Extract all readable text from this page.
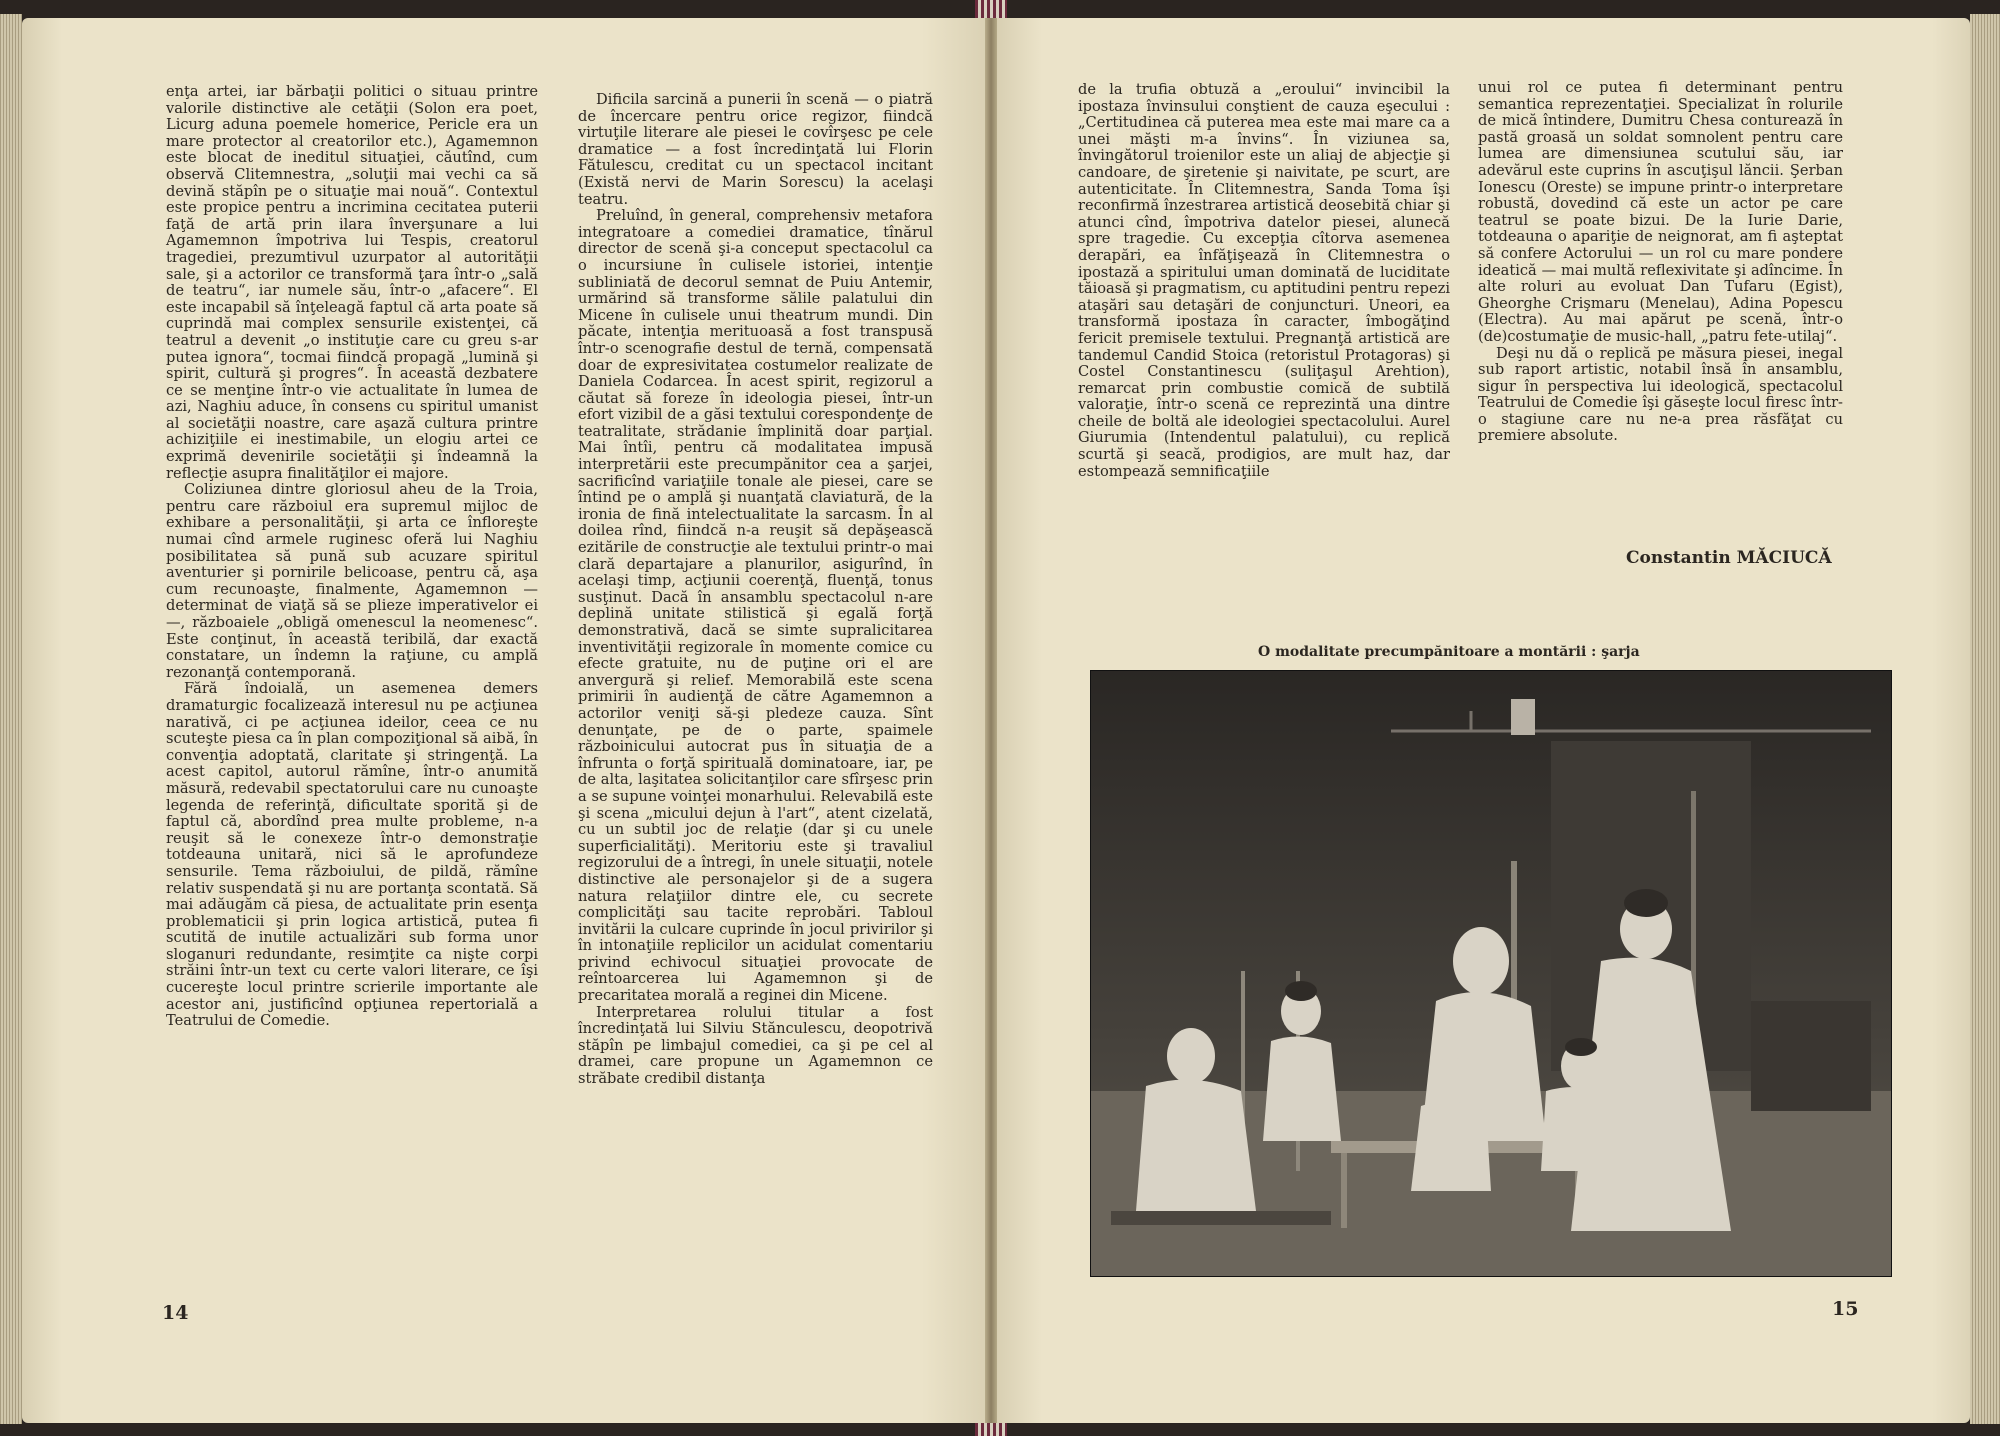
enţa artei, iar bărbaţii politici o situau printre valorile distinctive ale cetăţii (Solon era poet, Licurg aduna poemele homerice, Pericle era un mare protector al creatorilor etc.), Agamemnon este blocat de ineditul situaţiei, căutînd, cum observă Clitemnestra, „soluţii mai vechi ca să devină stăpîn pe o situaţie mai nouă“. Contextul este propice pentru a incrimina cecitatea puterii faţă de artă prin ilara înverşunare a lui Agamemnon împotriva lui Tespis, creatorul tragediei, prezumtivul uzurpator al autorităţii sale, şi a actorilor ce transformă ţara într-o „sală de teatru“, iar numele său, într-o „afacere“. El este incapabil să înţeleagă faptul că arta poate să cuprindă mai complex sensurile existenţei, că teatrul a devenit „o instituţie care cu greu s-ar putea ignora“, tocmai fiindcă propagă „lumină şi spirit, cultură şi progres“. În această dezbatere ce se menţine într-o vie actualitate în lumea de azi, Naghiu aduce, în consens cu spiritul umanist al societăţii noastre, care aşază cultura printre achiziţiile ei inestimabile, un elogiu artei ce exprimă devenirile societăţii şi îndeamnă la reflecţie asupra finalităţilor ei majore.

Coliziunea dintre gloriosul aheu de la Troia, pentru care războiul era supremul mijloc de exhibare a personalităţii, şi arta ce înfloreşte numai cînd armele ruginesc oferă lui Naghiu posibilitatea să pună sub acuzare spiritul aventurier şi pornirile belicoase, pentru că, aşa cum recunoaşte, finalmente, Agamemnon — determinat de viaţă să se plieze imperativelor ei —, războaiele „obligă omenescul la neomenesc“. Este conţinut, în această teribilă, dar exactă constatare, un îndemn la raţiune, cu amplă rezonanţă contemporană.

Fără îndoială, un asemenea demers dramaturgic focalizează interesul nu pe acţiunea narativă, ci pe acţiunea ideilor, ceea ce nu scuteşte piesa ca în plan compoziţional să aibă, în convenţia adoptată, claritate şi stringenţă. La acest capitol, autorul rămîne, într-o anumită măsură, redevabil spectatorului care nu cunoaşte legenda de referinţă, dificultate sporită şi de faptul că, abordînd prea multe probleme, n-a reuşit să le conexeze într-o demonstraţie totdeauna unitară, nici să le aprofundeze sensurile. Tema războiului, de pildă, rămîne relativ suspendată şi nu are portanţa scontată. Să mai adăugăm că piesa, de actualitate prin esenţa problematicii şi prin logica artistică, putea fi scutită de inutile actualizări sub forma unor sloganuri redundante, resimţite ca nişte corpi străini într-un text cu certe valori literare, ce îşi cucereşte locul printre scrierile importante ale acestor ani, justificînd opţiunea repertorială a Teatrului de Comedie.

Dificila sarcină a punerii în scenă — o piatră de încercare pentru orice regizor, fiindcă virtuţile literare ale piesei le covîrşesc pe cele dramatice — a fost încredinţată lui Florin Fătulescu, creditat cu un spectacol incitant (Există nervi de Marin Sorescu) la acelaşi teatru.

Preluînd, în general, comprehensiv metafora integratoare a comediei dramatice, tînărul director de scenă şi-a conceput spectacolul ca o incursiune în culisele istoriei, intenţie subliniată de decorul semnat de Puiu Antemir, urmărind să transforme sălile palatului din Micene în culisele unui theatrum mundi. Din păcate, intenţia merituoasă a fost transpusă într-o scenografie destul de ternă, compensată doar de expresivitatea costumelor realizate de Daniela Codarcea. În acest spirit, regizorul a căutat să foreze în ideologia piesei, într-un efort vizibil de a găsi textului corespondenţe de teatralitate, strădanie împlinită doar parţial. Mai întîi, pentru că modalitatea impusă interpretării este precumpănitor cea a şarjei, sacrificînd variaţiile tonale ale piesei, care se întind pe o amplă şi nuanţată claviatură, de la ironia de fină intelectualitate la sarcasm. În al doilea rînd, fiindcă n-a reuşit să depăşească ezitările de construcţie ale textului printr-o mai clară departajare a planurilor, asigurînd, în acelaşi timp, acţiunii coerenţă, fluenţă, tonus susţinut. Dacă în ansamblu spectacolul n-are deplină unitate stilistică şi egală forţă demonstrativă, dacă se simte supralicitarea inventivităţii regizorale în momente comice cu efecte gratuite, nu de puţine ori el are anvergură şi relief. Memorabilă este scena primirii în audienţă de către Agamemnon a actorilor veniţi să-şi pledeze cauza. Sînt denunţate, pe de o parte, spaimele războinicului autocrat pus în situaţia de a înfrunta o forţă spirituală dominatoare, iar, pe de alta, laşitatea solicitanţilor care sfîrşesc prin a se supune voinţei monarhului. Relevabilă este şi scena „micului dejun à l'art“, atent cizelată, cu un subtil joc de relaţie (dar şi cu unele superficialităţi). Meritoriu este şi travaliul regizorului de a întregi, în unele situaţii, notele distinctive ale personajelor şi de a sugera natura relaţiilor dintre ele, cu secrete complicităţi sau tacite reprobări. Tabloul invitării la culcare cuprinde în jocul privirilor şi în intonaţiile replicilor un acidulat comentariu privind echivocul situaţiei provocate de reîntoarcerea lui Agamemnon şi de precaritatea morală a reginei din Micene.

Interpretarea rolului titular a fost încredinţată lui Silviu Stănculescu, deopotrivă stăpîn pe limbajul comediei, ca şi pe cel al dramei, care propune un Agamemnon ce străbate credibil distanţa

14

de la trufia obtuză a „eroului“ invincibil la ipostaza învinsului conştient de cauza eşecului : „Certitudinea că puterea mea este mai mare ca a unei măşti m-a învins“. În viziunea sa, învingătorul troienilor este un aliaj de abjecţie şi candoare, de şiretenie şi naivitate, pe scurt, are autenticitate. În Clitemnestra, Sanda Toma îşi reconfirmă înzestrarea artistică deosebită chiar şi atunci cînd, împotriva datelor piesei, alunecă spre tragedie. Cu excepţia cîtorva asemenea derapări, ea înfăţişează în Clitemnestra o ipostază a spiritului uman dominată de luciditate tăioasă şi pragmatism, cu aptitudini pentru repezi ataşări sau detaşări de conjuncturi. Uneori, ea transformă ipostaza în caracter, îmbogăţind fericit premisele textului. Pregnanţă artistică are tandemul Candid Stoica (retoristul Protagoras) şi Costel Constantinescu (suliţaşul Arehtion), remarcat prin combustie comică de subtilă valoraţie, într-o scenă ce reprezintă una dintre cheile de boltă ale ideologiei spectacolului. Aurel Giurumia (Intendentul palatului), cu replică scurtă şi seacă, prodigios, are mult haz, dar estompează semnificaţiile

unui rol ce putea fi determinant pentru semantica reprezentaţiei. Specializat în rolurile de mică întindere, Dumitru Chesa conturează în pastă groasă un soldat somnolent pentru care lumea are dimensiunea scutului său, iar adevărul este cuprins în ascuţişul lăncii. Şerban Ionescu (Oreste) se impune printr-o interpretare robustă, dovedind că este un actor pe care teatrul se poate bizui. De la Iurie Darie, totdeauna o apariţie de neignorat, am fi aşteptat să confere Actorului — un rol cu mare pondere ideatică — mai multă reflexivitate şi adîncime. În alte roluri au evoluat Dan Tufaru (Egist), Gheorghe Crişmaru (Menelau), Adina Popescu (Electra). Au mai apărut pe scenă, într-o (de)costumaţie de music-hall, „patru fete-utilaj“.

Deşi nu dă o replică pe măsura piesei, inegal sub raport artistic, notabil însă în ansamblu, sigur în perspectiva lui ideologică, spectacolul Teatrului de Comedie îşi găseşte locul firesc într-o stagiune care nu ne-a prea răsfăţat cu premiere absolute.

Constantin MĂCIUCĂ
O modalitate precumpănitoare a montării : şarja
15
